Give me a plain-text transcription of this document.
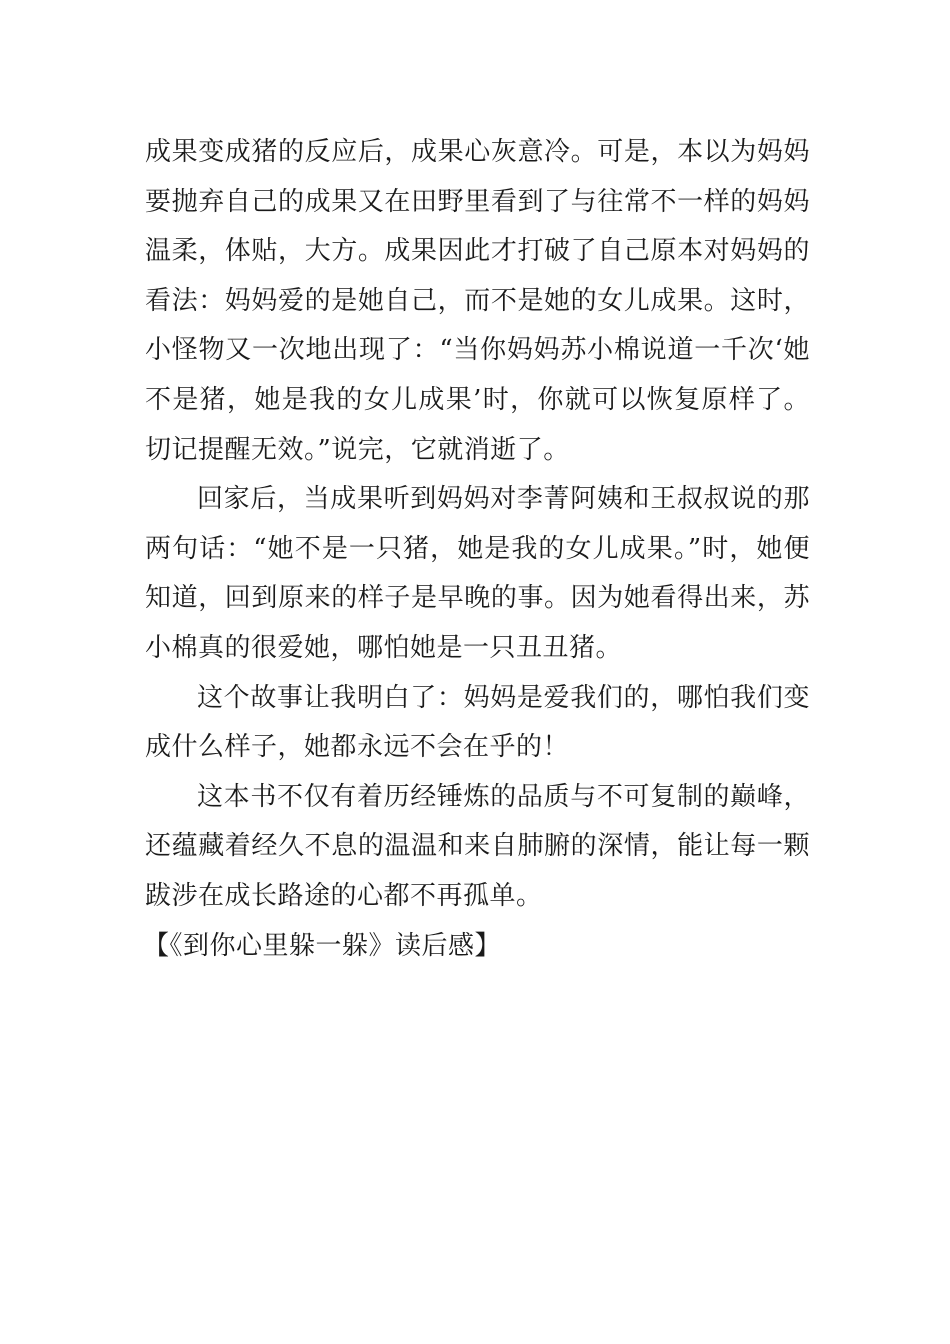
成果变成猪的反应后，成果心灰意冷。可是，本以为妈妈要抛弃自己的成果又在田野里看到了与往常不一样的妈妈温柔，体贴，大方。成果因此才打破了自己原本对妈妈的看法：妈妈爱的是她自己，而不是她的女儿成果。这时，小怪物又一次地出现了：“当你妈妈苏小棉说道一千次‘她不是猪，她是我的女儿成果’时，你就可以恢复原样了。切记提醒无效。”说完，它就消逝了。

回家后，当成果听到妈妈对李菁阿姨和王叔叔说的那两句话：“她不是一只猪，她是我的女儿成果。”时，她便知道，回到原来的样子是早晚的事。因为她看得出来，苏小棉真的很爱她，哪怕她是一只丑丑猪。

这个故事让我明白了：妈妈是爱我们的，哪怕我们变成什么样子，她都永远不会在乎的！

这本书不仅有着历经锤炼的品质与不可复制的巅峰，还蕴藏着经久不息的温温和来自肺腑的深情，能让每一颗跋涉在成长路途的心都不再孤单。

【《到你心里躲一躲》读后感】
